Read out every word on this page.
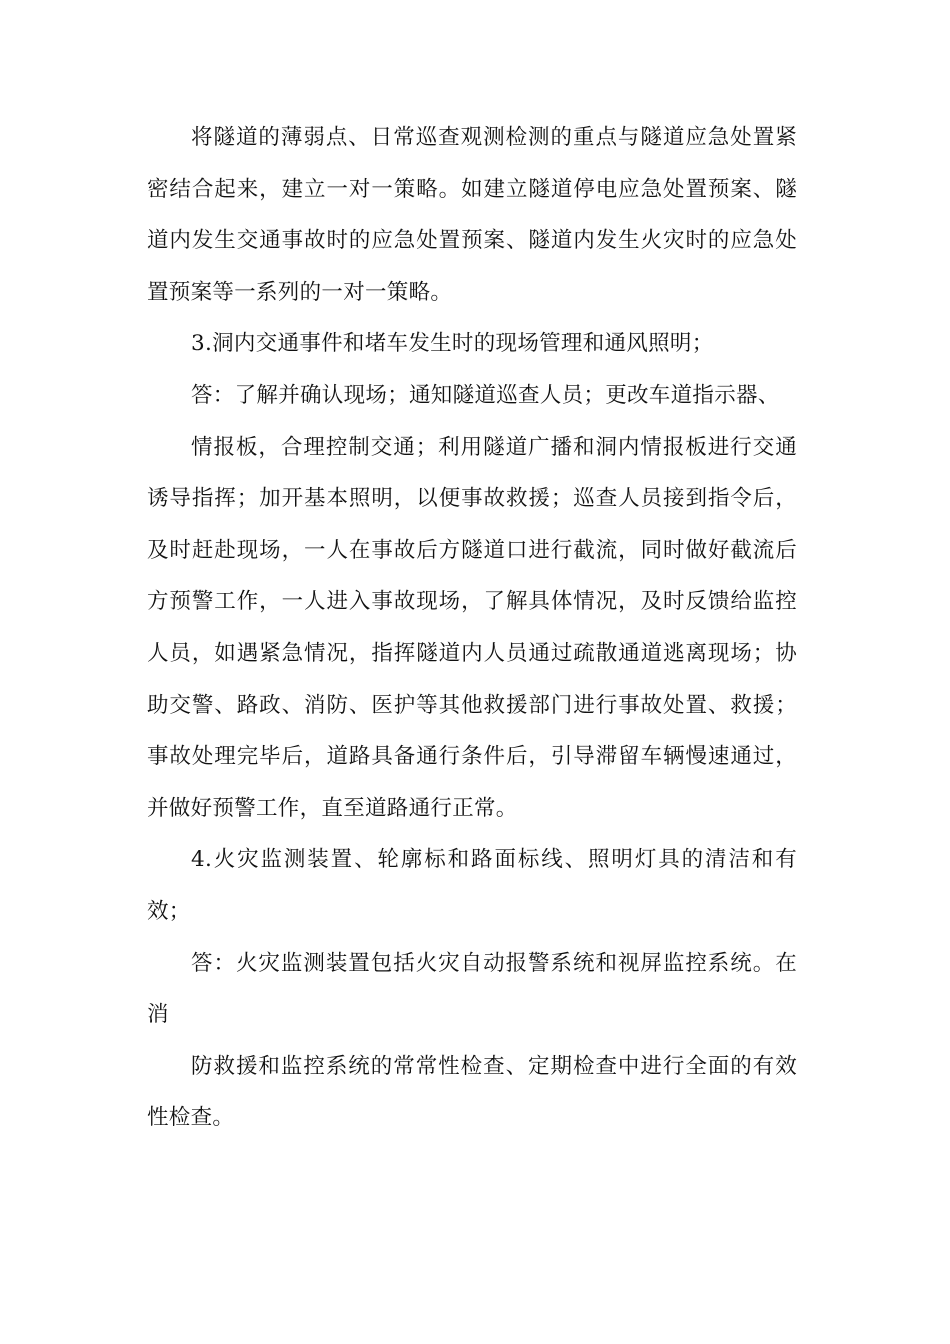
将隧道的薄弱点、日常巡查观测检测的重点与隧道应急处置紧密结合起来，建立一对一策略。如建立隧道停电应急处置预案、隧道内发生交通事故时的应急处置预案、隧道内发生火灾时的应急处置预案等一系列的一对一策略。

3.洞内交通事件和堵车发生时的现场管理和通风照明；

答：了解并确认现场；通知隧道巡查人员；更改车道指示器、

情报板，合理控制交通；利用隧道广播和洞内情报板进行交通诱导指挥；加开基本照明，以便事故救援；巡查人员接到指令后，及时赶赴现场，一人在事故后方隧道口进行截流，同时做好截流后方预警工作，一人进入事故现场，了解具体情况，及时反馈给监控人员，如遇紧急情况，指挥隧道内人员通过疏散通道逃离现场；协助交警、路政、消防、医护等其他救援部门进行事故处置、救援；事故处理完毕后，道路具备通行条件后，引导滞留车辆慢速通过，并做好预警工作，直至道路通行正常。

4.火灾监测装置、轮廓标和路面标线、照明灯具的清洁和有效；

答：火灾监测装置包括火灾自动报警系统和视屏监控系统。在消

防救援和监控系统的常常性检查、定期检查中进行全面的有效性检查。
